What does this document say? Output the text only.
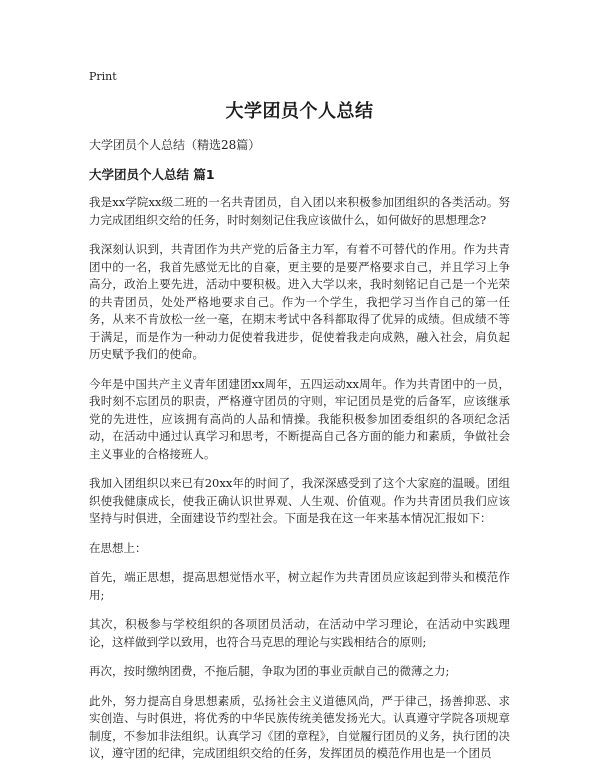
Print
大学团员个人总结
大学团员个人总结（精选28篇）
大学团员个人总结 篇1

我是xx学院xx级二班的一名共青团员，自入团以来积极参加团组织的各类活动。努力完成团组织交给的任务，时时刻刻记住我应该做什么，如何做好的思想理念?

我深刻认识到，共青团作为共产党的后备主力军，有着不可替代的作用。作为共青团中的一名，我首先感觉无比的自豪，更主要的是要严格要求自己，并且学习上争高分，政治上要先进，活动中要积极。进入大学以来，我时刻铭记自己是一个光荣的共青团员，处处严格地要求自己。作为一个学生，我把学习当作自己的第一任务，从来不肯放松一丝一毫，在期末考试中各科都取得了优异的成绩。但成绩不等于满足，而是作为一种动力促使着我进步，促使着我走向成熟，融入社会，肩负起历史赋予我们的使命。

今年是中国共产主义青年团建团xx周年，五四运动xx周年。作为共青团中的一员，我时刻不忘团员的职责，严格遵守团员的守则，牢记团员是党的后备军，应该继承党的先进性，应该拥有高尚的人品和情操。我能积极参加团委组织的各项纪念活动，在活动中通过认真学习和思考，不断提高自己各方面的能力和素质，争做社会主义事业的合格接班人。

我加入团组织以来已有20xx年的时间了，我深深感受到了这个大家庭的温暖。团组织使我健康成长，使我正确认识世界观、人生观、价值观。作为共青团员我们应该坚持与时俱进，全面建设节约型社会。下面是我在这一年来基本情况汇报如下：

在思想上：

首先，端正思想，提高思想觉悟水平，树立起作为共青团员应该起到带头和模范作用;

其次，积极参与学校组织的各项团员活动，在活动中学习理论，在活动中实践理论，这样做到学以致用，也符合马克思的理论与实践相结合的原则;

再次，按时缴纳团费，不拖后腿，争取为团的事业贡献自己的微薄之力;

此外，努力提高自身思想素质，弘扬社会主义道德风尚，严于律己，扬善抑恶、求实创造、与时俱进，将优秀的中华民族传统美德发扬光大。认真遵守学院各项规章制度，不参加非法组织。认真学习《团的章程》，自觉履行团员的义务，执行团的决议，遵守团的纪律，完成团组织交给的任务，发挥团员的模范作用也是一个团员
